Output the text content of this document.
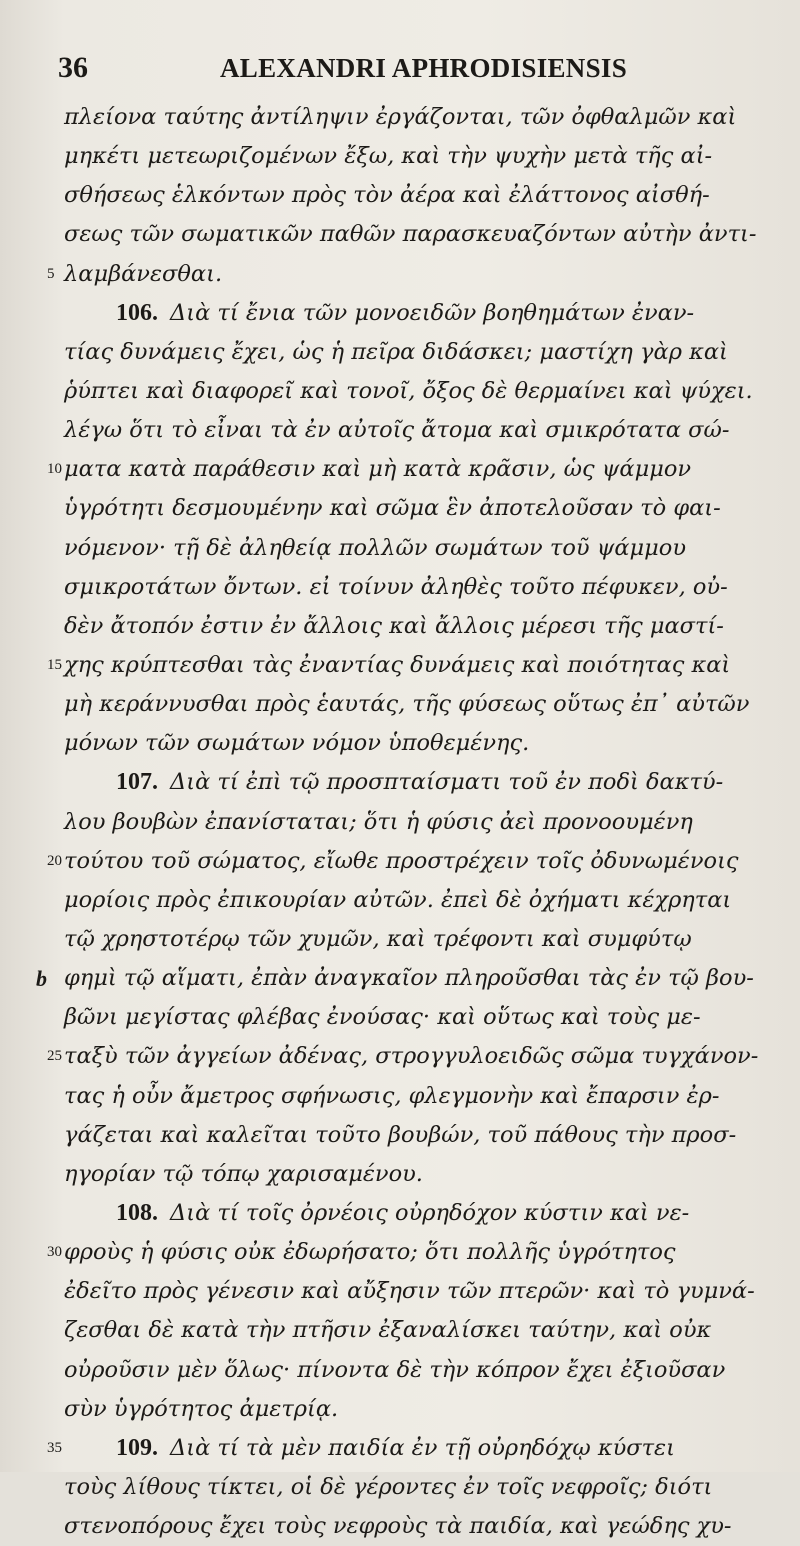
36	ALEXANDRI APHRODISIENSIS
πλείονα ταύτης ἀντίληψιν ἐργάζονται, τῶν ὀφθαλμῶν καὶ
μηκέτι μετεωριζομένων ἔξω, καὶ τὴν ψυχὴν μετὰ τῆς αἰ-
σθήσεως ἑλκόντων πρὸς τὸν ἀέρα καὶ ἐλάττονος αἰσθή-
σεως τῶν σωματικῶν παθῶν παρασκευαζόντων αὐτὴν ἀντι-
5 λαμβάνεσθαι.
106. Διὰ τί ἔνια τῶν μονοειδῶν βοηθημάτων ἐναν-
τίας δυνάμεις ἔχει, ὡς ἡ πεῖρα διδάσκει; μαστίχη γὰρ καὶ
ῥύπτει καὶ διαφορεῖ καὶ τονοῖ, ὄξος δὲ θερμαίνει καὶ ψύχει.
λέγω ὅτι τὸ εἶναι τὰ ἐν αὐτοῖς ἄτομα καὶ σμικρότατα σώ-
10 ματα κατὰ παράθεσιν καὶ μὴ κατὰ κρᾶσιν, ὡς ψάμμον
ὑγρότητι δεσμουμένην καὶ σῶμα ἓν ἀποτελοῦσαν τὸ φαι-
νόμενον· τῇ δὲ ἀληθείᾳ πολλῶν σωμάτων τοῦ ψάμμου
σμικροτάτων ὄντων. εἰ τοίνυν ἀληθὲς τοῦτο πέφυκεν, οὐ-
δὲν ἄτοπόν ἐστιν ἐν ἄλλοις καὶ ἄλλοις μέρεσι τῆς μαστί-
15 χης κρύπτεσθαι τὰς ἐναντίας δυνάμεις καὶ ποιότητας καὶ
μὴ κεράννυσθαι πρὸς ἑαυτάς, τῆς φύσεως οὕτως ἐπ᾽ αὐτῶν
μόνων τῶν σωμάτων νόμον ὑποθεμένης.
107. Διὰ τί ἐπὶ τῷ προσπταίσματι τοῦ ἐν ποδὶ δακτύ-
λου βουβὼν ἐπανίσταται; ὅτι ἡ φύσις ἀεὶ προνοουμένη
20 τούτου τοῦ σώματος, εἴωθε προστρέχειν τοῖς ὀδυνωμένοις
μορίοις πρὸς ἐπικουρίαν αὐτῶν. ἐπεὶ δὲ ὀχήματι κέχρηται
τῷ χρηστοτέρῳ τῶν χυμῶν, καὶ τρέφοντι καὶ συμφύτῳ
b φημὶ τῷ αἵματι, ἐπὰν ἀναγκαῖον πληροῦσθαι τὰς ἐν τῷ βου-
βῶνι μεγίστας φλέβας ἐνούσας· καὶ οὕτως καὶ τοὺς με-
25 ταξὺ τῶν ἀγγείων ἀδένας, στρογγυλοειδῶς σῶμα τυγχάνον-
τας ἡ οὖν ἄμετρος σφήνωσις, φλεγμονὴν καὶ ἔπαρσιν ἐρ-
γάζεται καὶ καλεῖται τοῦτο βουβών, τοῦ πάθους τὴν προσ-
ηγορίαν τῷ τόπῳ χαρισαμένου.
108. Διὰ τί τοῖς ὀρνέοις οὐρηδόχον κύστιν καὶ νε-
30 φροὺς ἡ φύσις οὐκ ἐδωρήσατο; ὅτι πολλῆς ὑγρότητος
ἐδεῖτο πρὸς γένεσιν καὶ αὔξησιν τῶν πτερῶν· καὶ τὸ γυμνά-
ζεσθαι δὲ κατὰ τὴν πτῆσιν ἐξαναλίσκει ταύτην, καὶ οὐκ
οὐροῦσιν μὲν ὅλως· πίνοντα δὲ τὴν κόπρον ἔχει ἐξιοῦσαν
σὺν ὑγρότητος ἀμετρίᾳ.
35 109. Διὰ τί τὰ μὲν παιδία ἐν τῇ οὐρηδόχῳ κύστει
τοὺς λίθους τίκτει, οἱ δὲ γέροντες ἐν τοῖς νεφροῖς; διότι
στενοπόρους ἔχει τοὺς νεφροὺς τὰ παιδία, καὶ γεώδης χυ-
